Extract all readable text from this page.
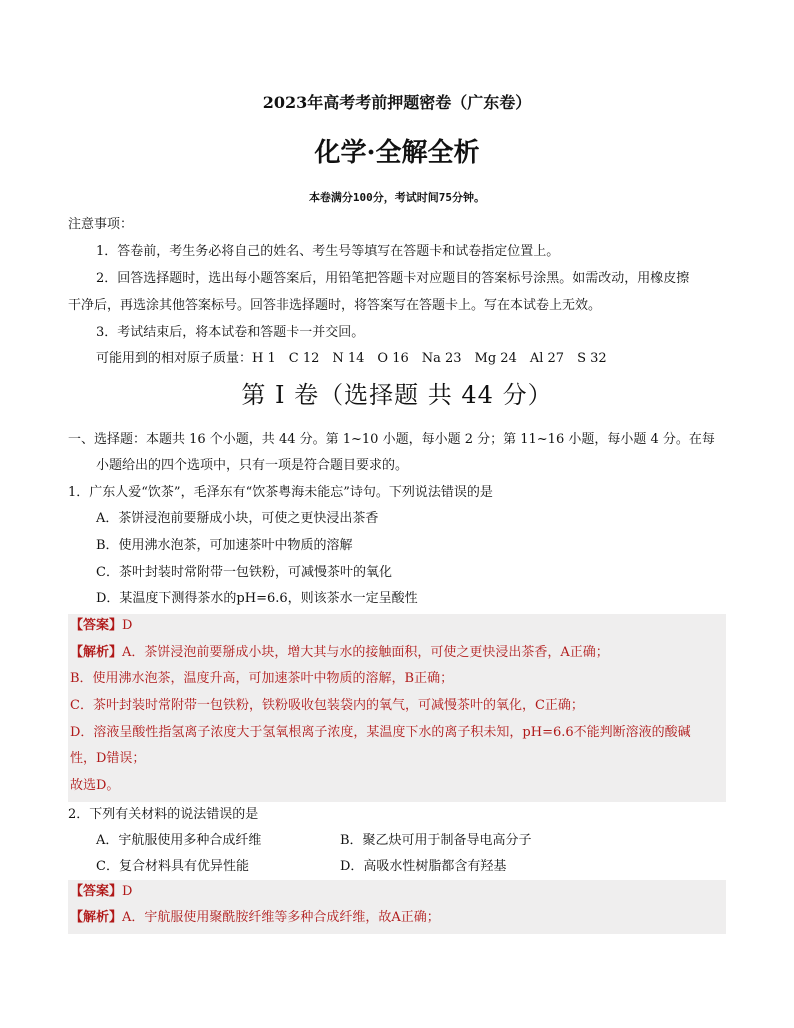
2023年高考考前押题密卷（广东卷）
化学·全解全析
本卷满分100分，考试时间75分钟。
注意事项：
1．答卷前，考生务必将自己的姓名、考生号等填写在答题卡和试卷指定位置上。
2．回答选择题时，选出每小题答案后，用铅笔把答题卡对应题目的答案标号涂黑。如需改动，用橡皮擦
干净后，再选涂其他答案标号。回答非选择题时，将答案写在答题卡上。写在本试卷上无效。
3．考试结束后，将本试卷和答题卡一并交回。
可能用到的相对原子质量：H 1　C 12　N 14　O 16　Na 23　Mg 24　Al 27　S 32
第 I 卷（选择题 共 44 分）
一、选择题：本题共 16 个小题，共 44 分。第 1~10 小题，每小题 2 分；第 11~16 小题，每小题 4 分。在每
小题给出的四个选项中，只有一项是符合题目要求的。
1．广东人爱“饮茶”，毛泽东有“饮茶粤海未能忘”诗句。下列说法错误的是
A．茶饼浸泡前要掰成小块，可使之更快浸出茶香
B．使用沸水泡茶，可加速茶叶中物质的溶解
C．茶叶封装时常附带一包铁粉，可减慢茶叶的氧化
D．某温度下测得茶水的pH=6.6，则该茶水一定呈酸性
【答案】D
【解析】A．茶饼浸泡前要掰成小块，增大其与水的接触面积，可使之更快浸出茶香，A正确；
B．使用沸水泡茶，温度升高，可加速茶叶中物质的溶解，B正确；
C．茶叶封装时常附带一包铁粉，铁粉吸收包装袋内的氧气，可减慢茶叶的氧化，C正确；
D．溶液呈酸性指氢离子浓度大于氢氧根离子浓度，某温度下水的离子积未知，pH=6.6不能判断溶液的酸碱
性，D错误；
故选D。
2．下列有关材料的说法错误的是
A．宇航服使用多种合成纤维	B．聚乙炔可用于制备导电高分子
C．复合材料具有优异性能	D．高吸水性树脂都含有羟基
【答案】D
【解析】A．宇航服使用聚酰胺纤维等多种合成纤维，故A正确；
